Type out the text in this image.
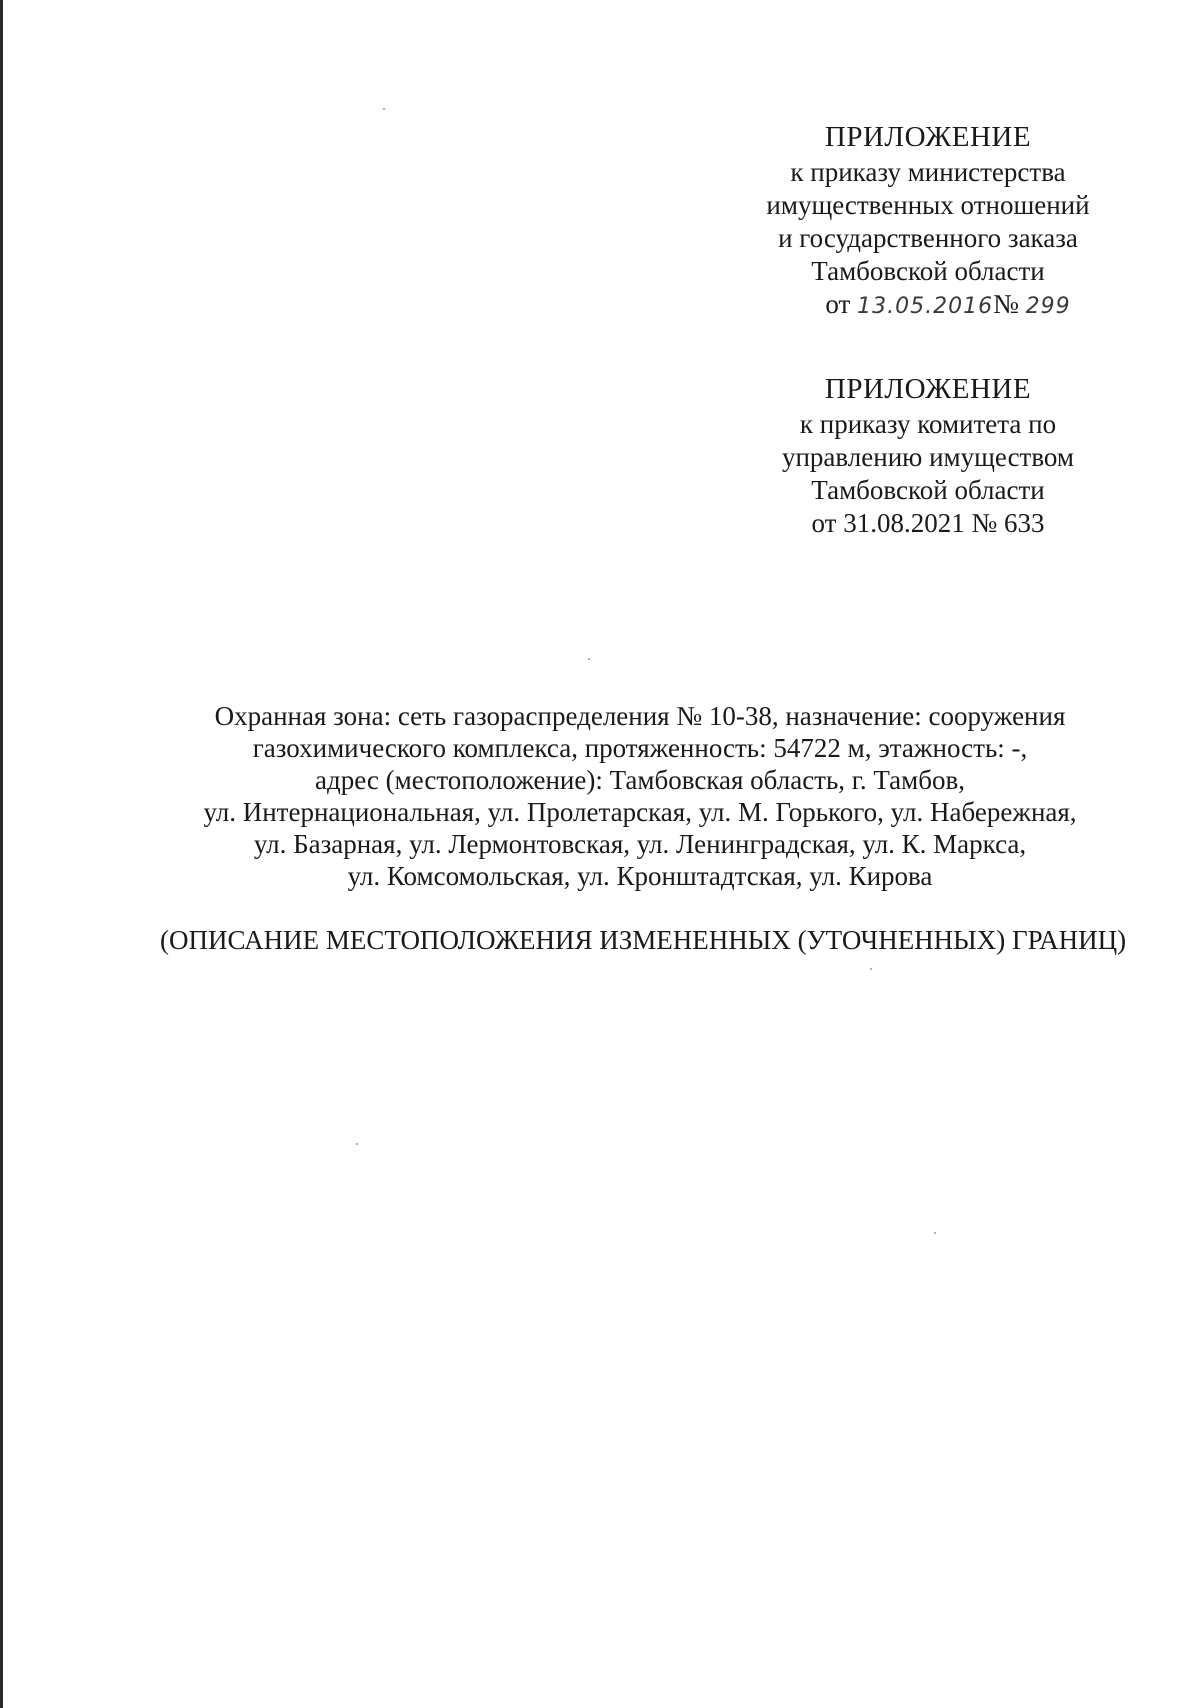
ПРИЛОЖЕНИЕ
к приказу министерства
имущественных отношений
и государственного заказа
Тамбовской области
от 13.05.2016№ 299
ПРИЛОЖЕНИЕ
к приказу комитета по
управлению имуществом
Тамбовской области
от 31.08.2021 № 633
Охранная зона: сеть газораспределения № 10-38, назначение: сооружения
газохимического комплекса, протяженность: 54722 м, этажность: -,
адрес (местоположение): Тамбовская область, г. Тамбов,
ул. Интернациональная, ул. Пролетарская, ул. М. Горького, ул. Набережная,
ул. Базарная, ул. Лермонтовская, ул. Ленинградская, ул. К. Маркса,
ул. Комсомольская, ул. Кронштадтская, ул. Кирова
(ОПИСАНИЕ МЕСТОПОЛОЖЕНИЯ ИЗМЕНЕННЫХ (УТОЧНЕННЫХ) ГРАНИЦ)
